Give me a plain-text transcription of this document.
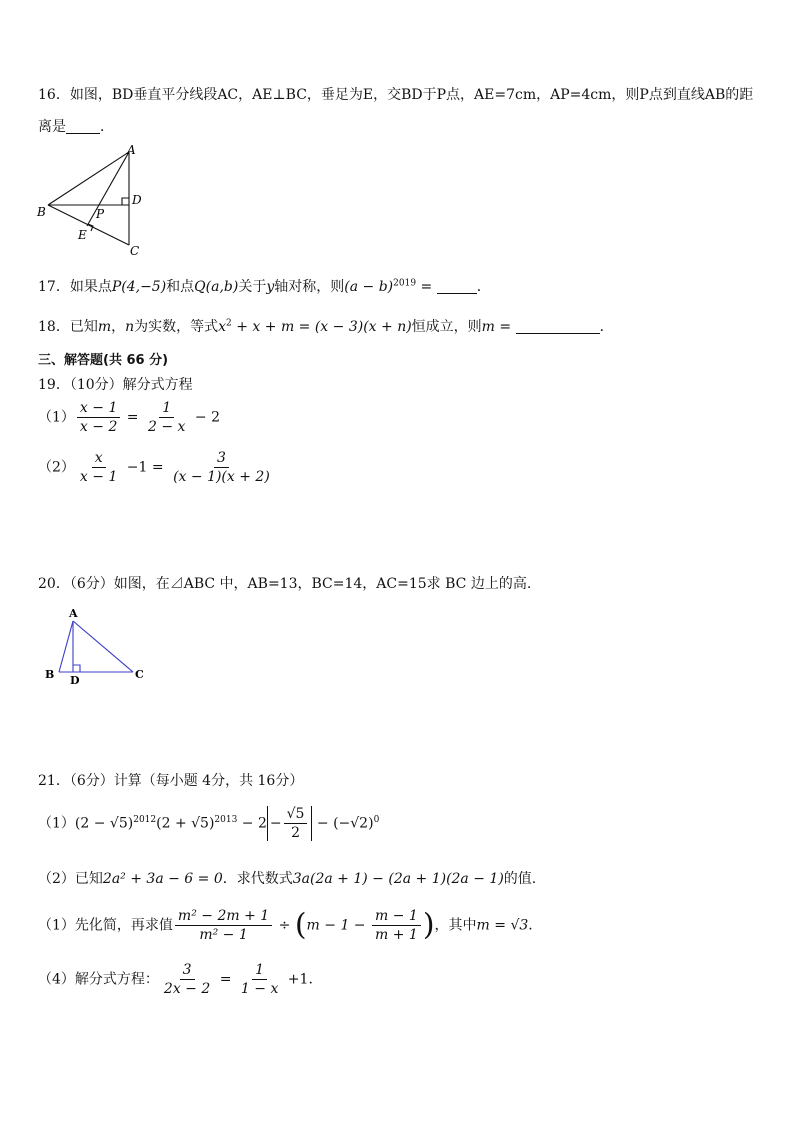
16．如图，BD垂直平分线段AC，AE⊥BC，垂足为E，交BD于P点，AE=7cm，AP=4cm，则P点到直线AB的距
离是 ．
A
B
C
D
E
P
17．如果点P(4,−5)和点Q(a,b)关于y轴对称，则$(a - b)^{2019}$ =	．
18．已知m，n为实数，等式$x^2 + x + m = (x - 3)(x + n)$恒成立，则m =	．
三、解答题(共 66 分)
19．（10分）解分式方程
$(1) \frac{x - 1}{x - 2} = \frac{1}{2 - x} - 2$
$(2) \frac{x}{x - 1} -1 = \frac{3}{(x - 1)(x + 2)}$
20．（6分）如图，在⊿ABC 中，AB=13，BC=14，AC=15求 BC 边上的高.
A
B	C
D
21．（6分）计算（每小题 4分，共 16分）
$(1)(2 - √5)^{2012}(2 + √5)^{2013} - 2 - \frac{√5}{2} - (-√2)^0$
（2）已知2a² + 3a − 6 = 0．求代数式3a(2a + 1) − (2a + 1)(2a − 1)的值.
（1）先化简，再求值 $\frac{\text{m² − 2m + 1}}{\text{m² − 1}} \div (m - 1 - \frac{m - 1}{m + 1}$ )，其中m = √3.
（4）解分式方程： $\frac{3}{2x - 2} = \frac{1}{1 - x} +1$.
